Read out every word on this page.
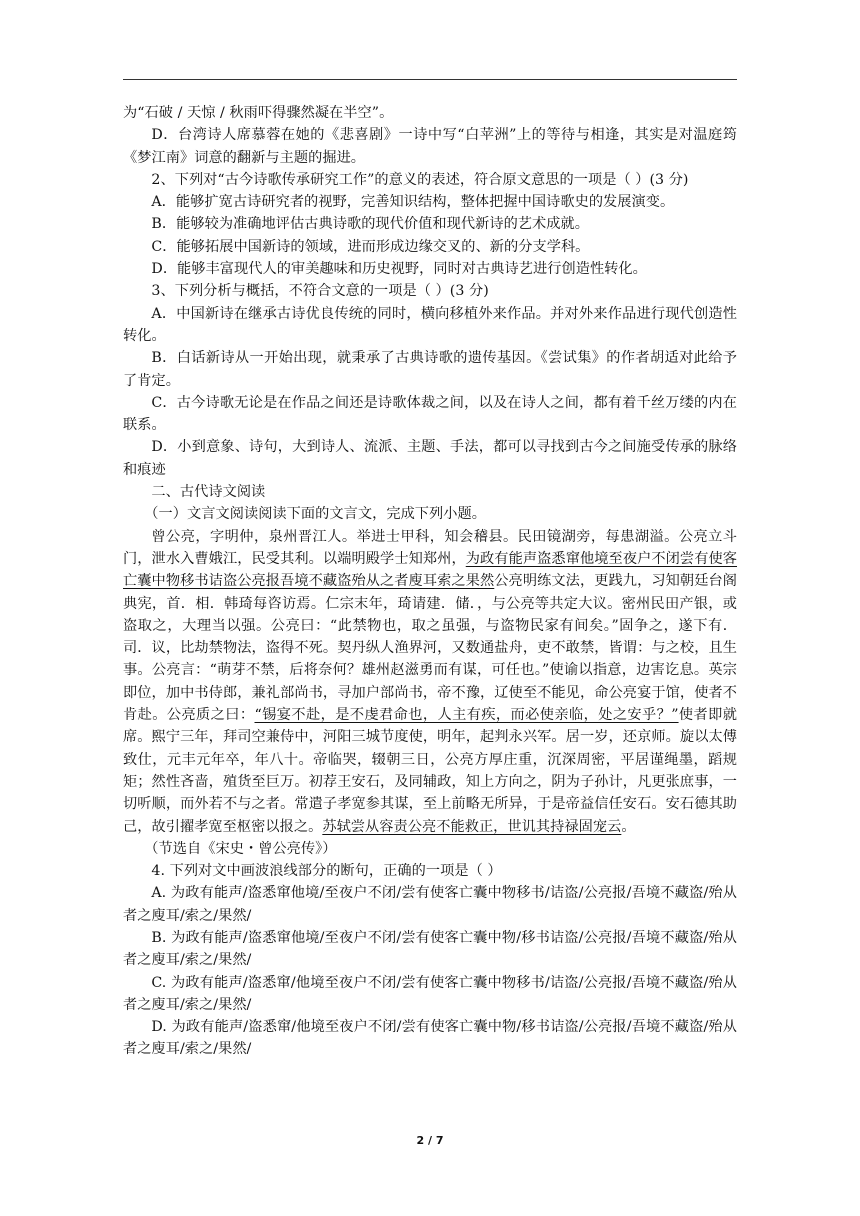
为“石破 / 天惊 / 秋雨吓得骤然凝在半空”。

D．台湾诗人席慕蓉在她的《悲喜剧》一诗中写“白苹洲”上的等待与相逢，其实是对温庭筠《梦江南》词意的翻新与主题的掘进。

2、下列对“古今诗歌传承研究工作”的意义的表述，符合原文意思的一项是（ ）(3 分)

A．能够扩宽古诗研究者的视野，完善知识结构，整体把握中国诗歌史的发展演变。

B．能够较为准确地评估古典诗歌的现代价值和现代新诗的艺术成就。

C．能够拓展中国新诗的领域，进而形成边缘交叉的、新的分支学科。

D．能够丰富现代人的审美趣味和历史视野，同时对古典诗艺进行创造性转化。

3、下列分析与概括，不符合文意的一项是（ ）(3 分)

A．中国新诗在继承古诗优良传统的同时，横向移植外来作品。并对外来作品进行现代创造性转化。

B．白话新诗从一开始出现，就秉承了古典诗歌的遗传基因。《尝试集》的作者胡适对此给予了肯定。

C．古今诗歌无论是在作品之间还是诗歌体裁之间，以及在诗人之间，都有着千丝万缕的内在联系。

D．小到意象、诗句，大到诗人、流派、主题、手法，都可以寻找到古今之间施受传承的脉络和痕迹

二、古代诗文阅读

（一）文言文阅读阅读下面的文言文，完成下列小题。

曾公亮，字明仲，泉州晋江人。举进士甲科，知会稽县。民田镜湖旁，每患湖溢。公亮立斗门，泄水入曹娥江，民受其利。以端明殿学士知郑州，为政有能声盗悉窜他境至夜户不闭尝有使客亡囊中物移书诘盗公亮报吾境不藏盗殆从之者廋耳索之果然公亮明练文法，更践九，习知朝廷台阁典宪，首．相．韩琦每咨访焉。仁宗末年，琦请建．储．，与公亮等共定大议。密州民田产银，或盗取之，大理当以强。公亮曰：“此禁物也，取之虽强，与盗物民家有间矣。”固争之，遂下有．司．议，比劫禁物法，盗得不死。契丹纵人渔界河，又数通盐舟，吏不敢禁，皆谓：与之校，且生事。公亮言：“萌芽不禁，后将奈何？雄州赵滋勇而有谋，可任也。”使谕以指意，边害讫息。英宗即位，加中书侍郎，兼礼部尚书，寻加户部尚书，帝不豫，辽使至不能见，命公亮宴于馆，使者不肯赴。公亮质之曰：“锡宴不赴，是不虔君命也，人主有疾，而必使亲临，处之安乎？”使者即就席。熙宁三年，拜司空兼侍中，河阳三城节度使，明年，起判永兴军。居一岁，还京师。旋以太傅致仕，元丰元年卒，年八十。帝临哭，辍朝三日，公亮方厚庄重，沉深周密，平居谨绳墨，蹈规矩；然性吝啬，殖货至巨万。初荐王安石，及同辅政，知上方向之，阴为子孙计，凡更张庶事，一切听顺，而外若不与之者。常遣子孝宽参其谋，至上前略无所异，于是帝益信任安石。安石德其助己，故引擢孝宽至枢密以报之。苏轼尝从容责公亮不能救正，世讥其持禄固宠云。

（节选自《宋史・曾公亮传》）

4. 下列对文中画波浪线部分的断句，正确的一项是（ ）

A. 为政有能声/盗悉窜他境/至夜户不闭/尝有使客亡囊中物移书/诘盗/公亮报/吾境不藏盗/殆从者之廋耳/索之/果然/

B. 为政有能声/盗悉窜他境/至夜户不闭/尝有使客亡囊中物/移书诘盗/公亮报/吾境不藏盗/殆从者之廋耳/索之/果然/

C. 为政有能声/盗悉窜/他境至夜户不闭/尝有使客亡囊中物移书/诘盗/公亮报/吾境不藏盗/殆从者之廋耳/索之/果然/

D. 为政有能声/盗悉窜/他境至夜户不闭/尝有使客亡囊中物/移书诘盗/公亮报/吾境不藏盗/殆从者之廋耳/索之/果然/

2 / 7
